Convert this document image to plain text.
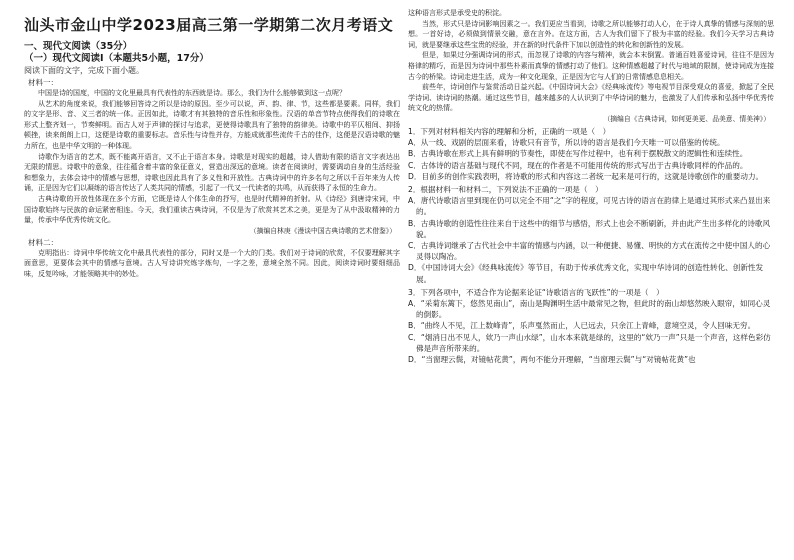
汕头市金山中学2023届高三第一学期第二次月考语文
一、现代文阅读（35分）
（一）现代文阅读Ⅰ（本题共5小题，17分）
阅读下面的文字，完成下面小题。
材料一：

中国是诗的国度，中国的文化里最具有代表性的东西就是诗。那么，我们为什么能够做到这一点呢？

从艺术的角度来说，我们能够回答诗之所以是诗的原因。至少可以说，声、韵、律、节，这些都是要素。同样，我们的文字是形、音、义三者的统一体。正因如此，诗歌才有其独特的音乐性和形象性。汉语的单音节特点使得我们的诗歌在形式上整齐划一，节奏鲜明。而古人对于声律的探讨与追求，更使得诗歌具有了独特的韵律美。诗歌中的平仄相间、抑扬顿挫，读来朗朗上口，这便是诗歌的重要标志。音乐性与诗性并存，方能成就那些流传千古的佳作，这便是汉语诗歌的魅力所在，也是中华文明的一种体现。

诗歌作为语言的艺术，既不能离开语言，又不止于语言本身。诗歌是对现实的超越，诗人借助有限的语言文字表达出无限的情思。诗歌中的意象，往往蕴含着丰富的象征意义，营造出深远的意境。读者在阅读时，需要调动自身的生活经验和想象力，去体会诗中的情感与思想，诗歌也因此具有了多义性和开放性。古典诗词中的许多名句之所以千百年来为人传诵，正是因为它们以凝练的语言传达了人类共同的情感，引起了一代又一代读者的共鸣，从而获得了永恒的生命力。

古典诗歌的开放性体现在多个方面，它既是诗人个体生命的抒写，也是时代精神的折射。从《诗经》到唐诗宋词，中国诗歌始终与民族的命运紧密相连。今天，我们重读古典诗词，不仅是为了欣赏其艺术之美，更是为了从中汲取精神的力量，传承中华优秀传统文化。

（摘编自林庚《漫谈中国古典诗歌的艺术借鉴》）

材料二：

克明指出：诗词中华传统文化中最具代表性的部分，同时又是一个大的门类。我们对于诗词的欣赏，不仅要理解其字面意思，更要体会其中的情感与意境。古人写诗讲究炼字炼句，一字之差，意境全然不同。因此，阅读诗词时要细细品味，反复吟咏，才能领略其中的妙处。

这种语言形式是承受史的积淀。

当然，形式只是诗词影响因素之一。我们更应当看到，诗歌之所以能够打动人心，在于诗人真挚的情感与深刻的思想。一首好诗，必须做到情景交融，意在言外。在这方面，古人为我们留下了极为丰富的经验。我们今天学习古典诗词，就是要继承这些宝贵的经验，并在新的时代条件下加以创造性的转化和创新性的发展。

但是，如果过分强调诗词的形式，而忽视了诗歌的内容与精神，就会本末倒置。普通百姓喜爱诗词，往往不是因为格律的精巧，而是因为诗词中那些朴素而真挚的情感打动了他们。这种情感超越了时代与地域的限制，使诗词成为连接古今的桥梁。诗词走进生活，成为一种文化现象，正是因为它与人们的日常情感息息相关。

前些年，诗词创作与鉴赏活动日益兴起。《中国诗词大会》《经典咏流传》等电视节目深受观众的喜爱，掀起了全民学诗词、读诗词的热潮。通过这些节目，越来越多的人认识到了中华诗词的魅力，也激发了人们传承和弘扬中华优秀传统文化的热情。

（摘编自《古典诗词，如何更美更、品美意、情美神》）

1．下列对材料相关内容的理解和分析，正确的一项是（　）

A．从一线、戏剧的层面来看，诗歌只有音节，所以诗的语言是我们今天唯一可以借鉴的传统。

B．古典诗歌在形式上具有鲜明的节奏性，即使在写作过程中，也有利于摆脱散文的逻辑性和连续性。

C．古体诗的语言基础与现代不同，现在的作者是不可能用传统的形式写出于古典诗歌同样的作品的。

D．目前多的创作实践表明，将诗歌的形式和内容这二者统一起来是可行的，这就是诗歌创作的重要动力。

2．根据材料一和材料二，下列说法不正确的一项是（　）

A．唐代诗歌语言里到现在仍可以完全不用“之”字的程度，可见古诗的语言在韵律上是通过其形式来凸显出来的。

B．古典诗歌的创造性往往来自于这些中的细节与感悟，形式上也会不断刷新，并由此产生出多样化的诗歌风貌。

C．古典诗词继承了古代社会中丰富的情感与内涵，以一种便捷、易懂、明快的方式在流传之中使中国人的心灵得以陶冶。

D．《中国诗词大会》《经典咏流传》等节目，有助于传承优秀文化，实现中华诗词的创造性转化、创新性发展。

3．下列各项中，不适合作为论据来论证“诗歌语言的飞跃性”的一项是（　）

A．“采菊东篱下，悠然见南山”，南山是陶渊明生活中最常见之物，但此时的南山却悠然映入眼帘，如同心灵的倒影。

B．“曲终人不见，江上数峰青”，乐声戛然而止，人已远去，只余江上青峰，意境空灵，令人回味无穷。

C．“烟消日出不见人，欸乃一声山水绿”，山水本来就是绿的，这里的“欸乃一声”只是一个声音，这样色彩仿佛是声音所带来的。

D．“当窗理云鬓，对镜帖花黄”，两句不能分开理解，“当窗理云鬓”与“对镜帖花黄”也
